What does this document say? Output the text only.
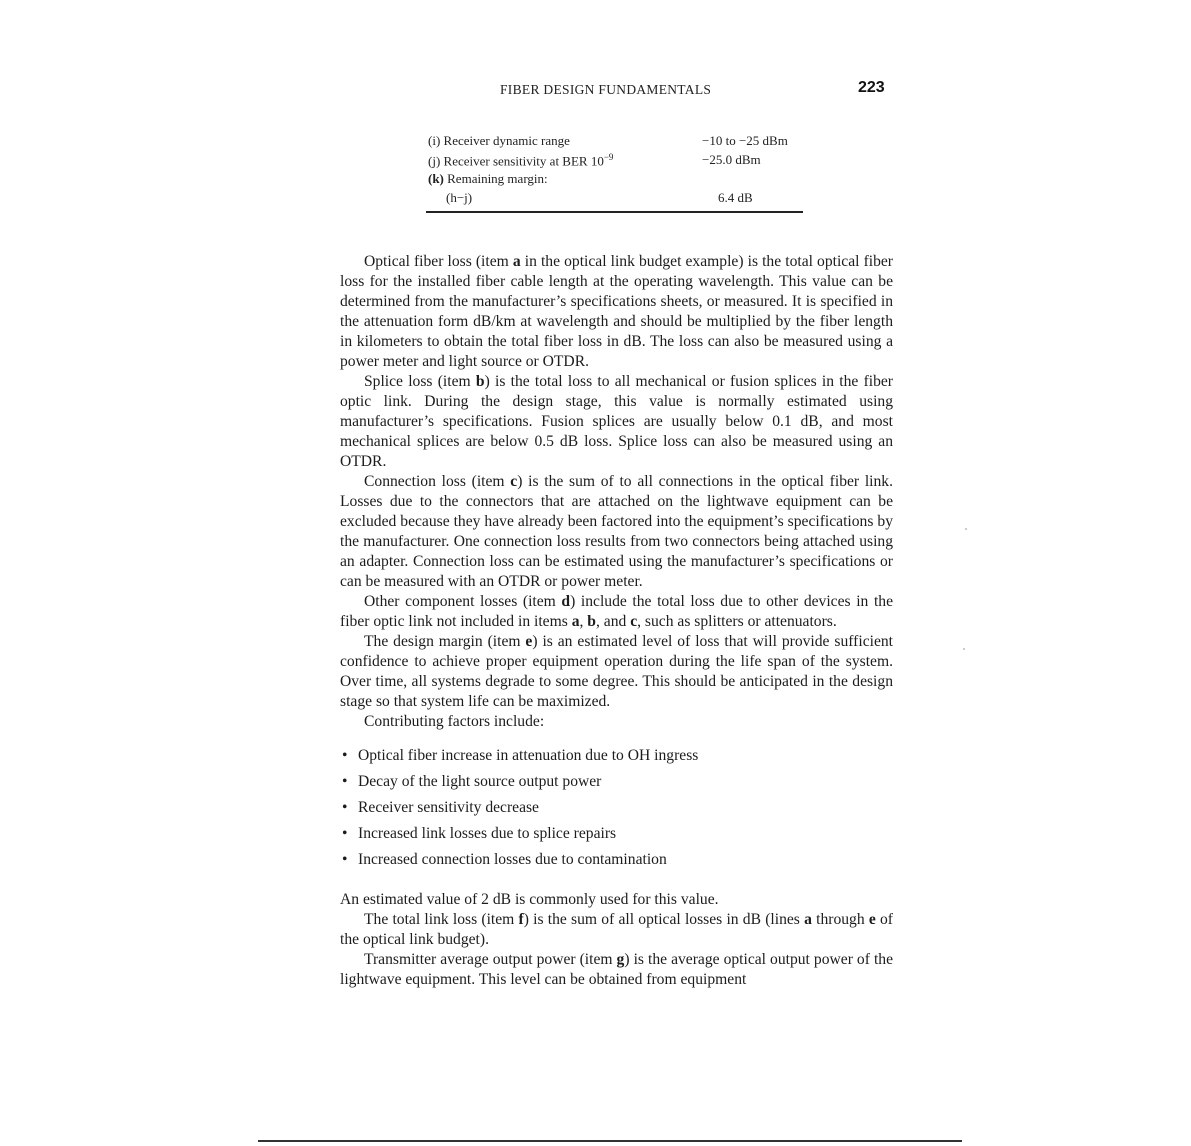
FIBER DESIGN FUNDAMENTALS	223
(i) Receiver dynamic range	−10 to −25 dBm
(j) Receiver sensitivity at BER $10^{-9}$	−25.0 dBm
(k) Remaining margin:
(h−j)	6.4 dB

Optical fiber loss (item a in the optical link budget example) is the total optical fiber loss for the installed fiber cable length at the operating wavelength. This value can be determined from the manufacturer’s specifications sheets, or measured. It is specified in the attenuation form dB/km at wavelength and should be multiplied by the fiber length in kilometers to obtain the total fiber loss in dB. The loss can also be measured using a power meter and light source or OTDR.

Splice loss (item b) is the total loss to all mechanical or fusion splices in the fiber optic link. During the design stage, this value is normally estimated using manufacturer’s specifications. Fusion splices are usually below 0.1 dB, and most mechanical splices are below 0.5 dB loss. Splice loss can also be measured using an OTDR.

Connection loss (item c) is the sum of to all connections in the optical fiber link. Losses due to the connectors that are attached on the lightwave equipment can be excluded because they have already been factored into the equipment’s specifications by the manufacturer. One connection loss results from two connectors being attached using an adapter. Connection loss can be estimated using the manufacturer’s specifications or can be measured with an OTDR or power meter.

Other component losses (item d) include the total loss due to other devices in the fiber optic link not included in items a, b, and c, such as splitters or attenuators.

The design margin (item e) is an estimated level of loss that will provide sufficient confidence to achieve proper equipment operation during the life span of the system. Over time, all systems degrade to some degree. This should be anticipated in the design stage so that system life can be maximized.

Contributing factors include:

• Optical fiber increase in attenuation due to OH ingress
• Decay of the light source output power
• Receiver sensitivity decrease
• Increased link losses due to splice repairs
• Increased connection losses due to contamination

An estimated value of 2 dB is commonly used for this value.

The total link loss (item f) is the sum of all optical losses in dB (lines a through e of the optical link budget).

Transmitter average output power (item g) is the average optical output power of the lightwave equipment. This level can be obtained from equipment
